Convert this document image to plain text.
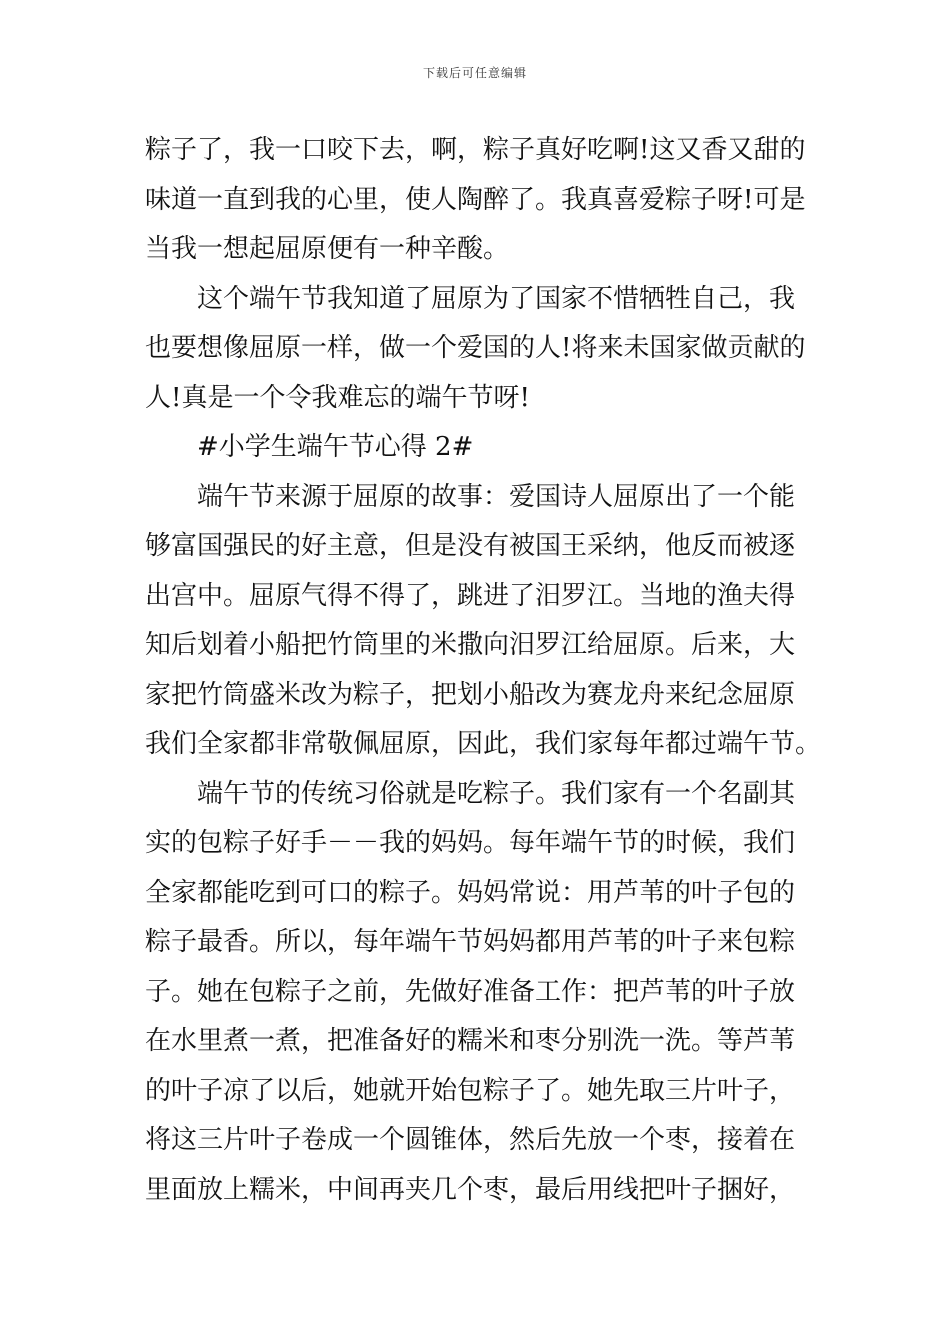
下载后可任意编辑
粽子了，我一口咬下去，啊，粽子真好吃啊!这又香又甜的
味道一直到我的心里，使人陶醉了。我真喜爱粽子呀!可是
当我一想起屈原便有一种辛酸。
这个端午节我知道了屈原为了国家不惜牺牲自己，我
也要想像屈原一样，做一个爱国的人!将来未国家做贡献的
人!真是一个令我难忘的端午节呀!
#小学生端午节心得 2#
端午节来源于屈原的故事：爱国诗人屈原出了一个能
够富国强民的好主意，但是没有被国王采纳，他反而被逐
出宫中。屈原气得不得了，跳进了汨罗江。当地的渔夫得
知后划着小船把竹筒里的米撒向汨罗江给屈原。后来，大
家把竹筒盛米改为粽子，把划小船改为赛龙舟来纪念屈原
我们全家都非常敬佩屈原，因此，我们家每年都过端午节。
端午节的传统习俗就是吃粽子。我们家有一个名副其
实的包粽子好手－－我的妈妈。每年端午节的时候，我们
全家都能吃到可口的粽子。妈妈常说：用芦苇的叶子包的
粽子最香。所以，每年端午节妈妈都用芦苇的叶子来包粽
子。她在包粽子之前，先做好准备工作：把芦苇的叶子放
在水里煮一煮，把准备好的糯米和枣分别洗一洗。等芦苇
的叶子凉了以后，她就开始包粽子了。她先取三片叶子，
将这三片叶子卷成一个圆锥体，然后先放一个枣，接着在
里面放上糯米，中间再夹几个枣，最后用线把叶子捆好，
